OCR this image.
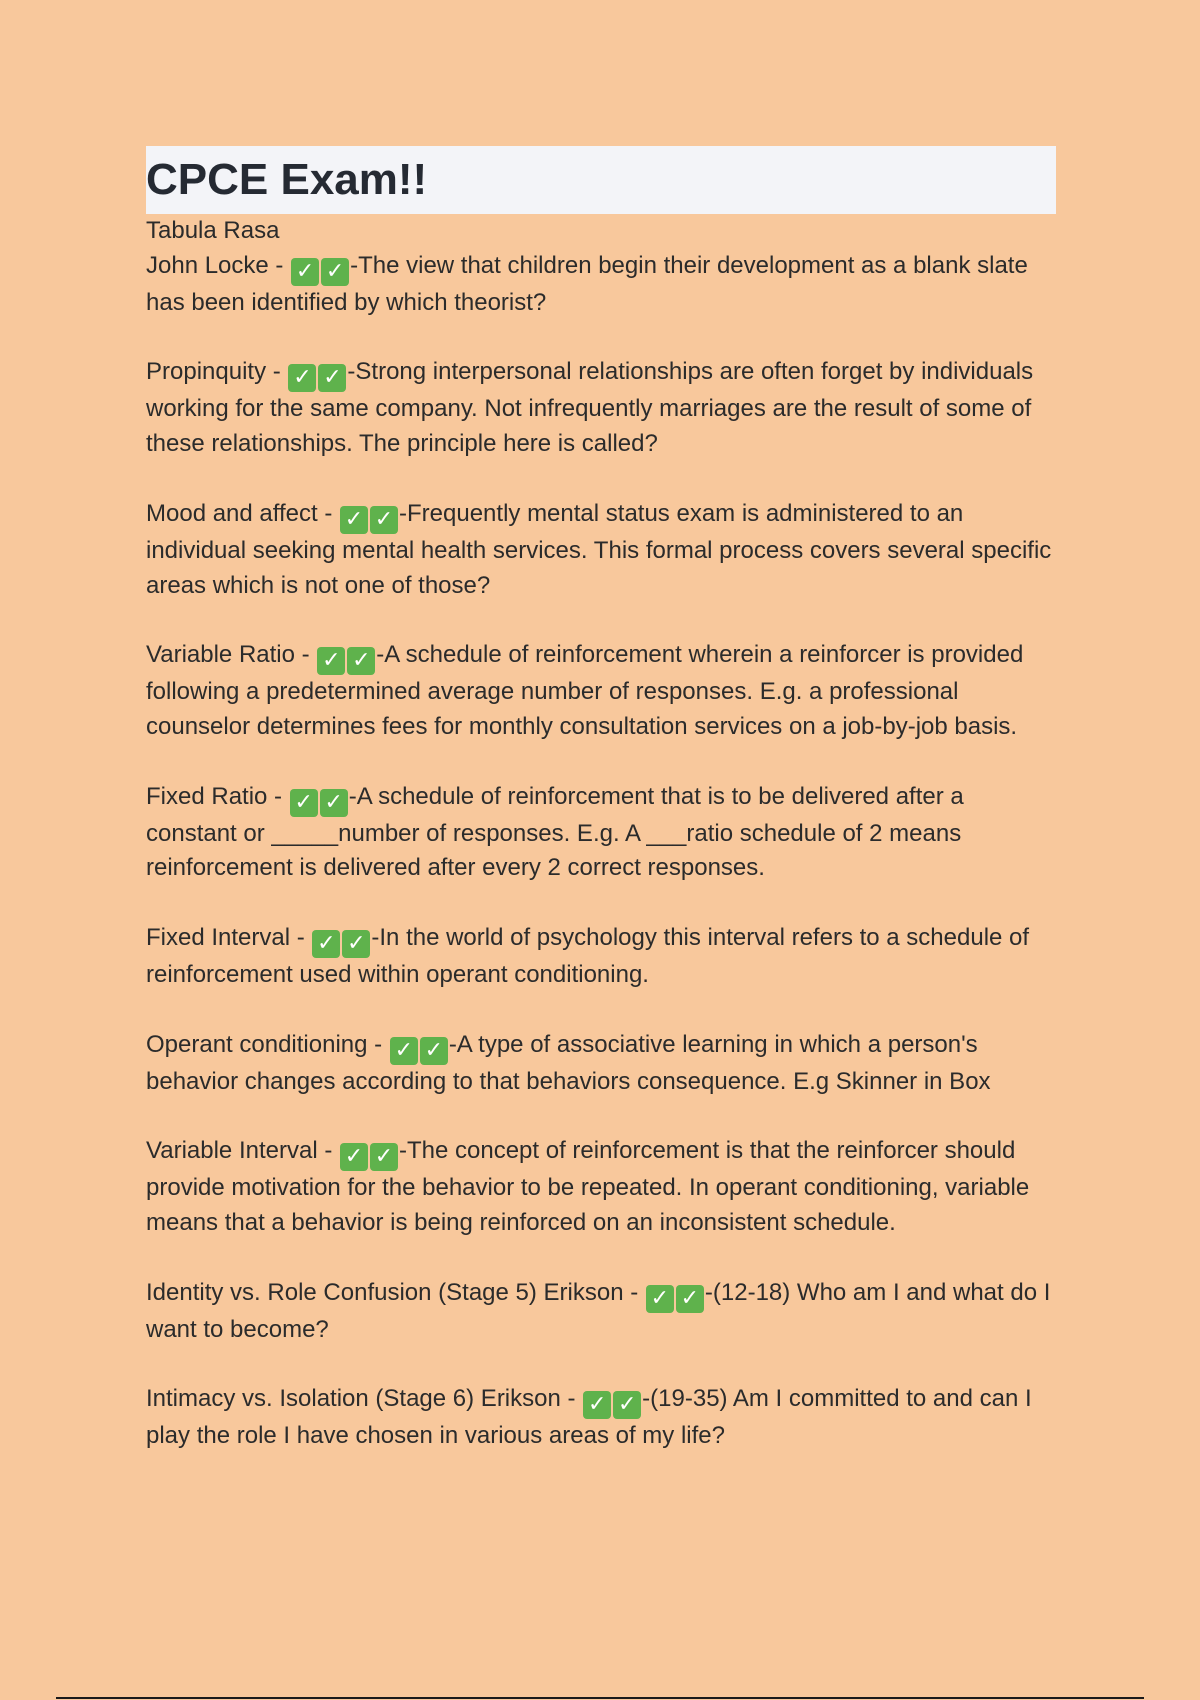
CPCE Exam!!

Tabula Rasa

John Locke - ✓ ✓ -The view that children begin their development as a blank slate has been identified by which theorist?
Propinquity - ✓ ✓ -Strong interpersonal relationships are often forget by individuals working for the same company. Not infrequently marriages are the result of some of these relationships. The principle here is called?
Mood and affect - ✓ ✓ -Frequently mental status exam is administered to an individual seeking mental health services. This formal process covers several specific areas which is not one of those?
Variable Ratio - ✓ ✓ -A schedule of reinforcement wherein a reinforcer is provided following a predetermined average number of responses. E.g. a professional counselor determines fees for monthly consultation services on a job-by-job basis.
Fixed Ratio - ✓ ✓ -A schedule of reinforcement that is to be delivered after a constant or _____number of responses. E.g. A ___ratio schedule of 2 means reinforcement is delivered after every 2 correct responses.
Fixed Interval - ✓ ✓ -In the world of psychology this interval refers to a schedule of reinforcement used within operant conditioning.
Operant conditioning - ✓ ✓ -A type of associative learning in which a person's behavior changes according to that behaviors consequence. E.g Skinner in Box
Variable Interval - ✓ ✓ -The concept of reinforcement is that the reinforcer should provide motivation for the behavior to be repeated. In operant conditioning, variable means that a behavior is being reinforced on an inconsistent schedule.
Identity vs. Role Confusion (Stage 5) Erikson - ✓ ✓ -(12-18) Who am I and what do I want to become?
Intimacy vs. Isolation (Stage 6) Erikson - ✓ ✓ -(19-35) Am I committed to and can I play the role I have chosen in various areas of my life?
